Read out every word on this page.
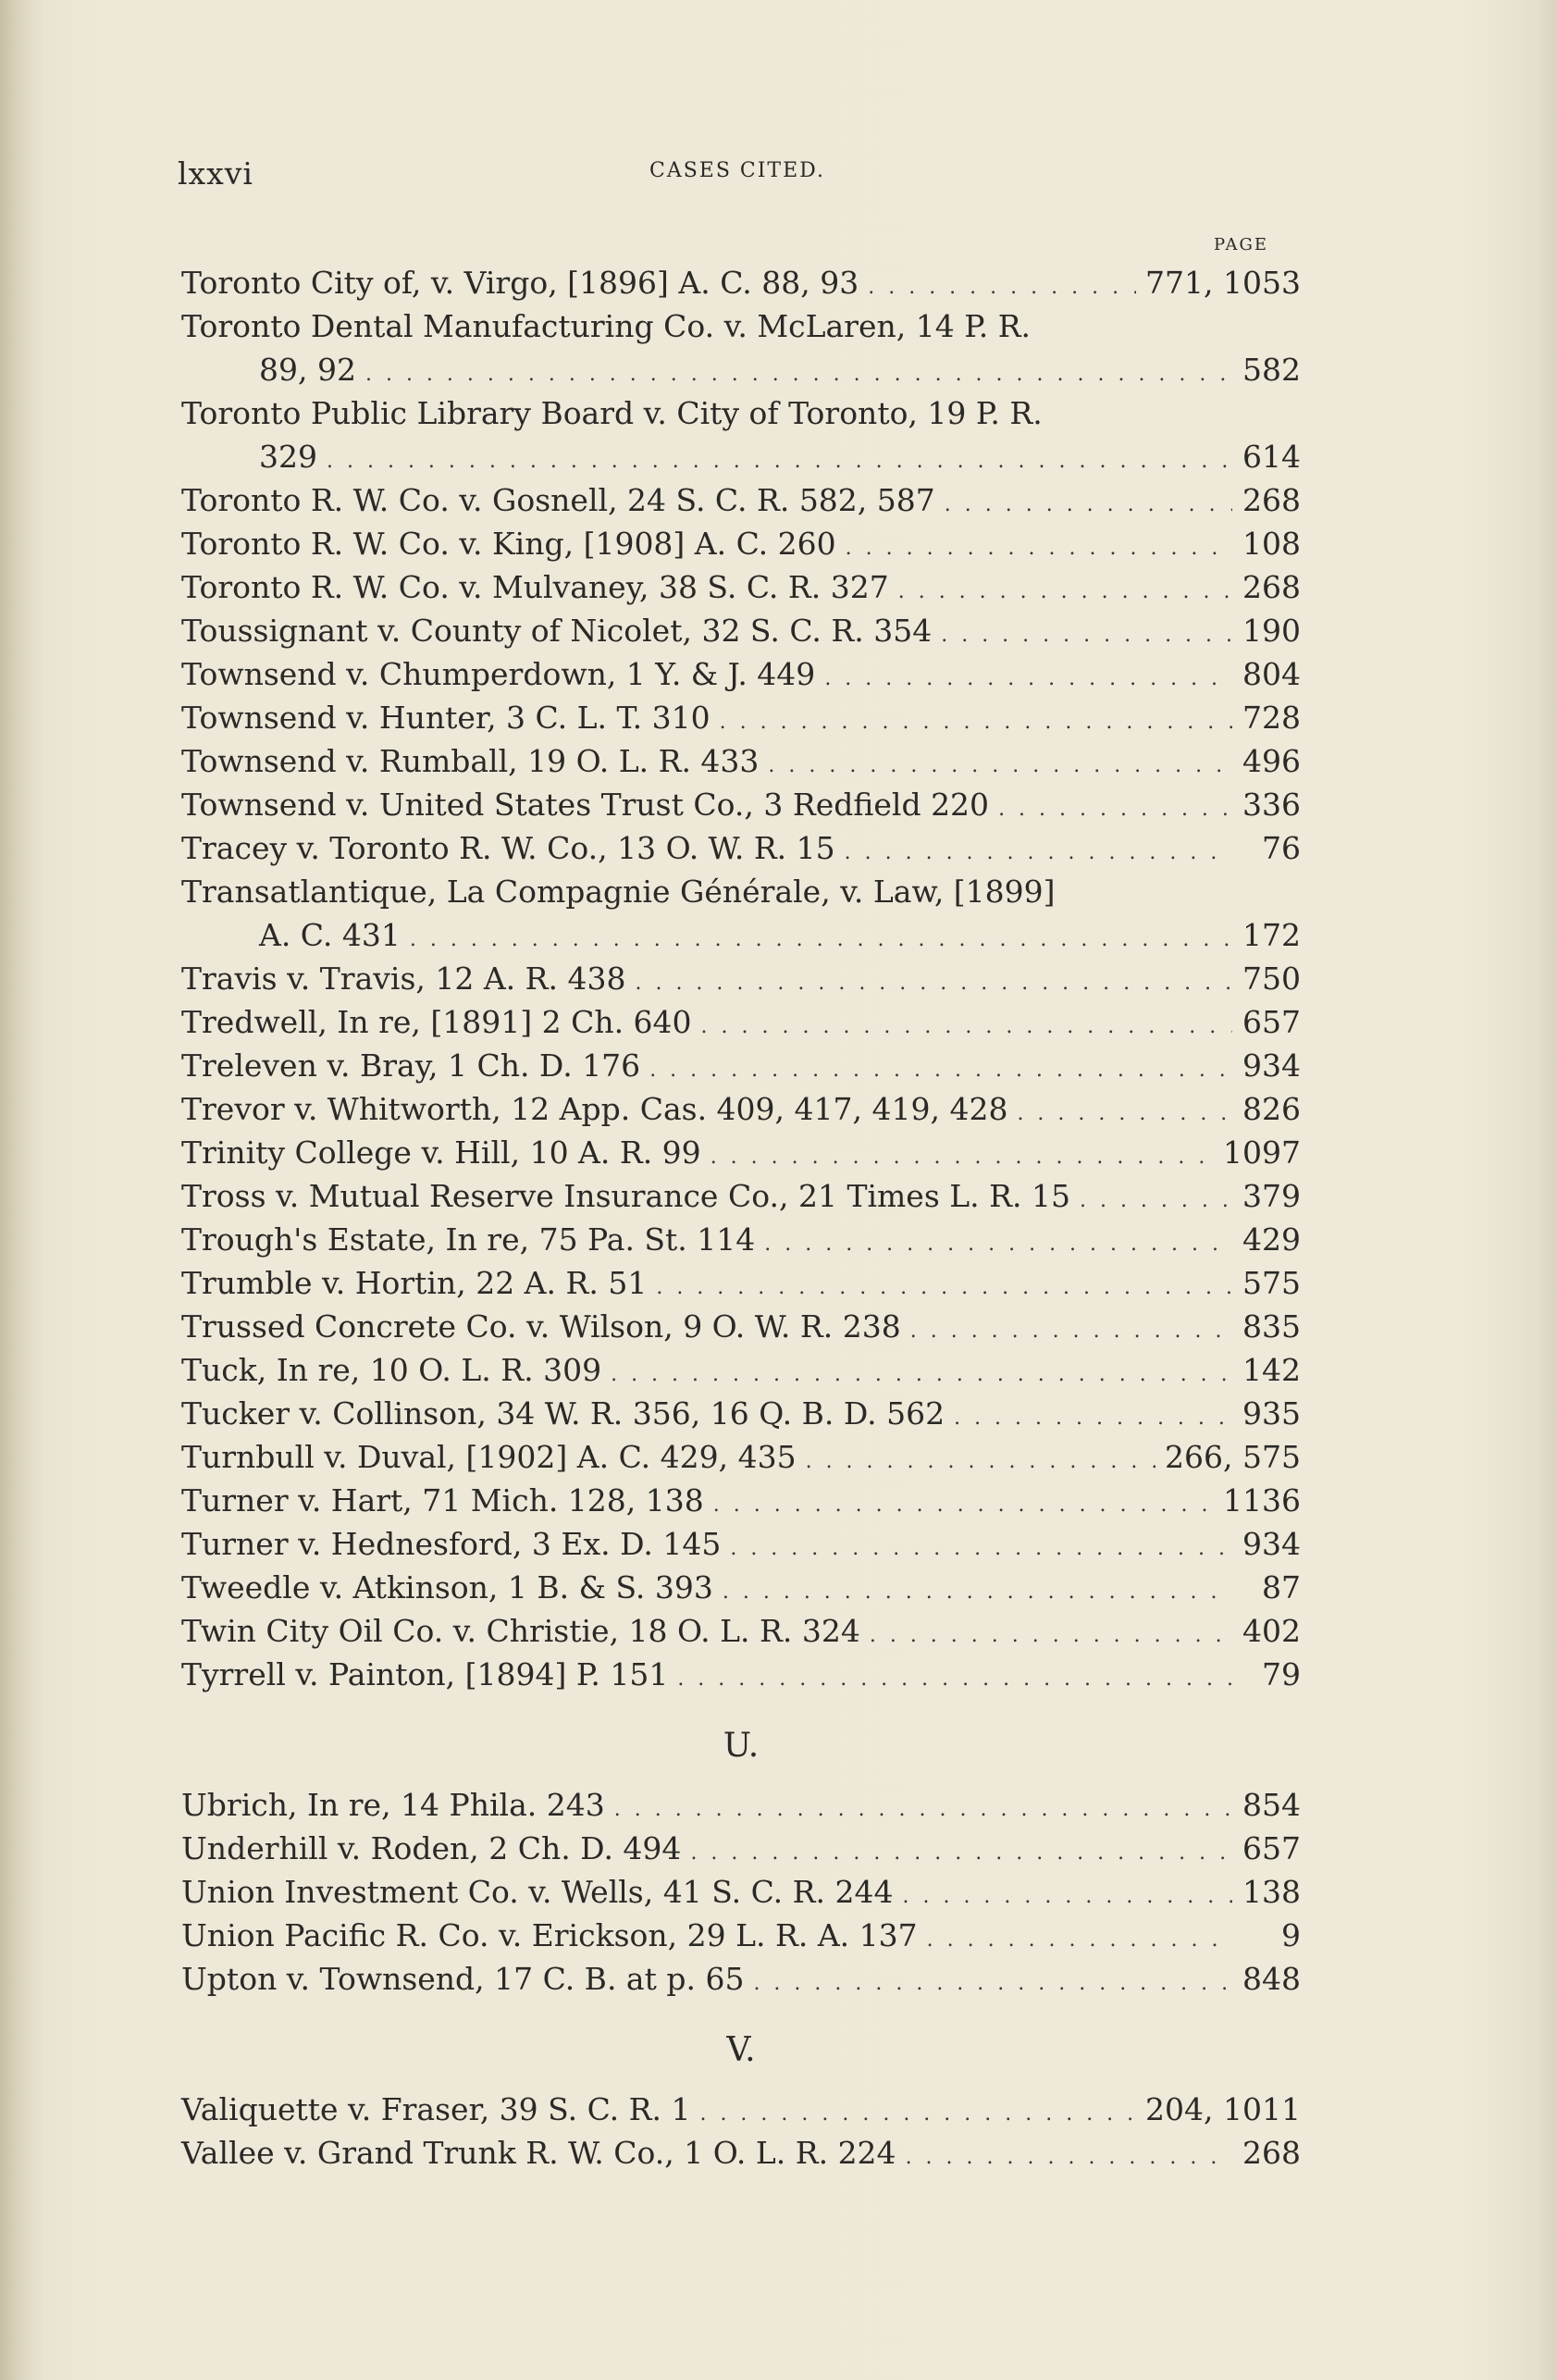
lxxvi	CASES CITED.
PAGE
Toronto City of, v. Virgo, [1896] A. C. 88, 93 . . .	771, 1053
Toronto Dental Manufacturing Co. v. McLaren, 14 P. R.
89, 92 . . .	582
Toronto Public Library Board v. City of Toronto, 19 P. R.
329 . . .	614
Toronto R. W. Co. v. Gosnell, 24 S. C. R. 582, 587 . . .	268
Toronto R. W. Co. v. King, [1908] A. C. 260 . . .	108
Toronto R. W. Co. v. Mulvaney, 38 S. C. R. 327 . . .	268
Toussignant v. County of Nicolet, 32 S. C. R. 354 . . .	190
Townsend v. Chumperdown, 1 Y. & J. 449 . . .	804
Townsend v. Hunter, 3 C. L. T. 310 . . .	728
Townsend v. Rumball, 19 O. L. R. 433 . . .	496
Townsend v. United States Trust Co., 3 Redfield 220 . . .	336
Tracey v. Toronto R. W. Co., 13 O. W. R. 15 . . .	76
Transatlantique, La Compagnie Générale, v. Law, [1899]
A. C. 431 . . .	172
Travis v. Travis, 12 A. R. 438 . . .	750
Tredwell, In re, [1891] 2 Ch. 640 . . .	657
Treleven v. Bray, 1 Ch. D. 176 . . .	934
Trevor v. Whitworth, 12 App. Cas. 409, 417, 419, 428 . . .	826
Trinity College v. Hill, 10 A. R. 99 . . .	1097
Tross v. Mutual Reserve Insurance Co., 21 Times L. R. 15 . . .	379
Trough's Estate, In re, 75 Pa. St. 114 . . .	429
Trumble v. Hortin, 22 A. R. 51 . . .	575
Trussed Concrete Co. v. Wilson, 9 O. W. R. 238 . . .	835
Tuck, In re, 10 O. L. R. 309 . . .	142
Tucker v. Collinson, 34 W. R. 356, 16 Q. B. D. 562 . . .	935
Turnbull v. Duval, [1902] A. C. 429, 435 . . .	266, 575
Turner v. Hart, 71 Mich. 128, 138 . . .	1136
Turner v. Hednesford, 3 Ex. D. 145 . . .	934
Tweedle v. Atkinson, 1 B. & S. 393 . . .	87
Twin City Oil Co. v. Christie, 18 O. L. R. 324 . . .	402
Tyrrell v. Painton, [1894] P. 151 . . .	79
U.
Ubrich, In re, 14 Phila. 243 . . .	854
Underhill v. Roden, 2 Ch. D. 494 . . .	657
Union Investment Co. v. Wells, 41 S. C. R. 244 . . .	138
Union Pacific R. Co. v. Erickson, 29 L. R. A. 137 . . .	9
Upton v. Townsend, 17 C. B. at p. 65 . . .	848
V.
Valiquette v. Fraser, 39 S. C. R. 1 . . .	204, 1011
Vallee v. Grand Trunk R. W. Co., 1 O. L. R. 224 . . .	268
